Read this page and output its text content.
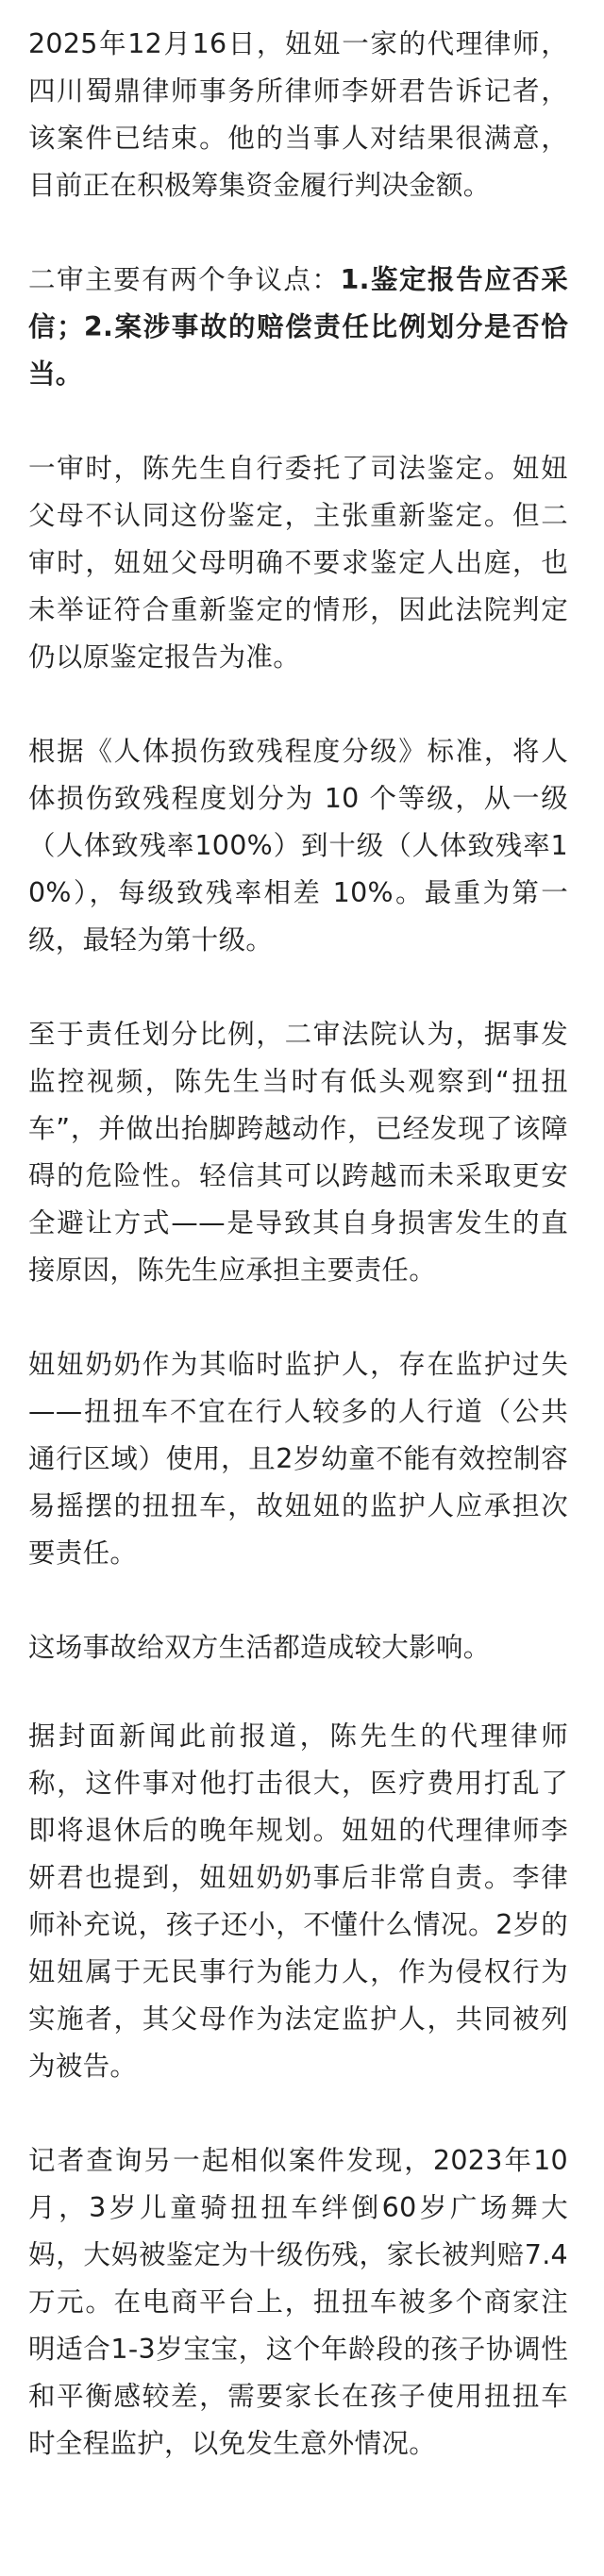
2025年12月16日，妞妞一家的代理律师，四川蜀鼎律师事务所律师李妍君告诉记者，该案件已结束。他的当事人对结果很满意，目前正在积极筹集资金履行判决金额。

二审主要有两个争议点：1.鉴定报告应否采信；2.案涉事故的赔偿责任比例划分是否恰当。

一审时，陈先生自行委托了司法鉴定。妞妞父母不认同这份鉴定，主张重新鉴定。但二审时，妞妞父母明确不要求鉴定人出庭，也未举证符合重新鉴定的情形，因此法院判定仍以原鉴定报告为准。

根据《人体损伤致残程度分级》标准，将人体损伤致残程度划分为 10 个等级，从一级（人体致残率100%）到十级（人体致残率10%），每级致残率相差 10%。最重为第一级，最轻为第十级。

至于责任划分比例，二审法院认为，据事发监控视频，陈先生当时有低头观察到“扭扭车”，并做出抬脚跨越动作，已经发现了该障碍的危险性。轻信其可以跨越而未采取更安全避让方式——是导致其自身损害发生的直接原因，陈先生应承担主要责任。

妞妞奶奶作为其临时监护人，存在监护过失——扭扭车不宜在行人较多的人行道（公共通行区域）使用，且2岁幼童不能有效控制容易摇摆的扭扭车，故妞妞的监护人应承担次要责任。

这场事故给双方生活都造成较大影响。

据封面新闻此前报道，陈先生的代理律师称，这件事对他打击很大，医疗费用打乱了即将退休后的晚年规划。妞妞的代理律师李妍君也提到，妞妞奶奶事后非常自责。李律师补充说，孩子还小，不懂什么情况。2岁的妞妞属于无民事行为能力人，作为侵权行为实施者，其父母作为法定监护人，共同被列为被告。

记者查询另一起相似案件发现，2023年10月，3岁儿童骑扭扭车绊倒60岁广场舞大妈，大妈被鉴定为十级伤残，家长被判赔7.4万元。在电商平台上，扭扭车被多个商家注明适合1-3岁宝宝，这个年龄段的孩子协调性和平衡感较差，需要家长在孩子使用扭扭车时全程监护，以免发生意外情况。
